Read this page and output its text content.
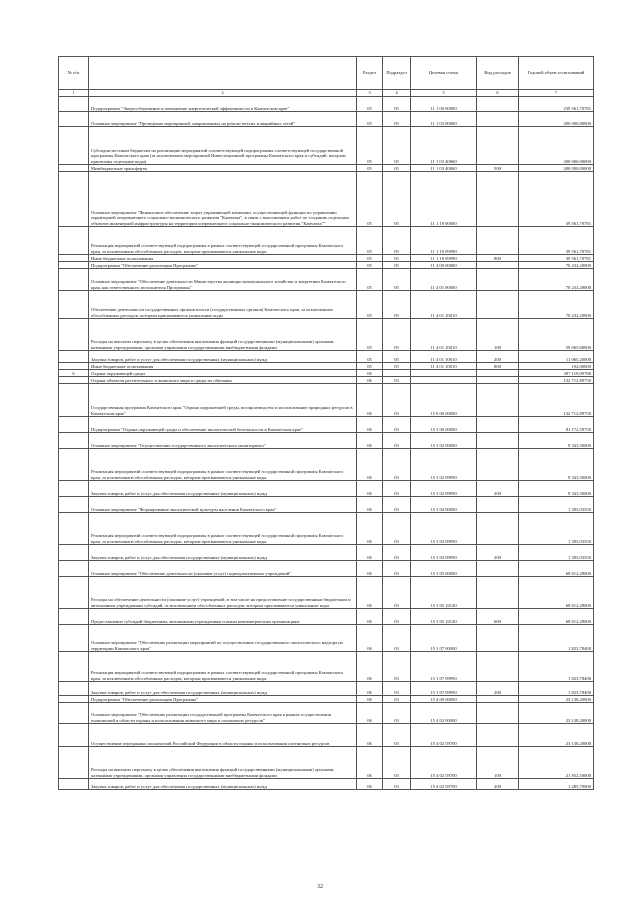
№ п/п		Раздел	Подраздел	Целевая статья	Вид расходов	Годовой объем ассигнований
1	2	3	4	5	6	7
	Подпрограмма "Энергосбережение и повышение энергетической эффективности в Камчатском крае"	05	05	11 1 00 00000		239 561,70781
	Основное мероприятие "Проведение мероприятий, направленных на ремонт ветхих и аварийных сетей"	05	05	11 1 03 00000		200 000,00000
	Субсидии местным бюджетам на реализацию мероприятий соответствующей подпрограммы соответствующей государственной программы Камчатского края (за исключением мероприятий Инвестиционной программы Камчатского края и субсидий, которым присвоены отдельные коды)	05	05	11 1 03 40060		200 000,00000
	Межбюджетные трансферты	05	05	11 1 03 40060	500	200 000,00000
	Основное мероприятие "Финансовое обеспечение затрат управляющей компании, осуществляющей функции по управлению территорией опережающего социально-экономического развития "Камчатка", в связи с выполнением работ по созданию отдельных объектов инженерной инфраструктуры на территории опережающего социально-экономического развития "Камчатка""	05	05	11 1 19 00000		39 561,70781
	Реализация мероприятий соответствующей подпрограммы в рамках соответствующей государственной программы Камчатского края, за исключением обособленных расходов, которым присваиваются уникальные коды	05	05	11 1 19 09990		39 561,70781
	Иные бюджетные ассигнования	05	05	11 1 19 09990	800	39 561,70781
	Подпрограмма "Обеспечение реализации Программы"	05	05	11 4 00 00000		70 232,20000
	Основное мероприятие "Обеспечение деятельности Министерства жилищно-коммунального хозяйства и энергетики Камчатского края, как ответственного исполнителя Программы"	05	05	11 4 01 00000		70 232,20000
	Обеспечение деятельности государственных органов власти (государственных органов) Камчатского края, за исключением обособленных расходов, которым присваиваются уникальные коды	05	05	11 4 01 10010		70 232,20000
	Расходы на выплаты персоналу в целях обеспечения выполнения функций государственными (муниципальными) органами, казенными учреждениями, органами управления государственными внебюджетными фондами	05	05	11 4 01 10010	100	59 065,60000
	Закупка товаров, работ и услуг для обеспечения государственных (муниципальных) нужд	05	05	11 4 01 10010	200	11 065,20000
	Иные бюджетные ассигнования	05	05	11 4 01 10010	800	102,00000
6	Охрана окружающей среды	06				397 119,09780
	Охрана объектов растительного и животного мира и среды их обитания	06	03			132 712,89750
	Государственная программа Камчатского края "Охрана окружающей среды, воспроизводство и использование природных ресурсов в Камчатском крае"	06	03	15 0 00 00000		132 712,89750
	Подпрограмма "Охрана окружающей среды и обеспечение экологической безопасности в Камчатском крае"	06	03	15 1 00 00000		81 172,59750
	Основное мероприятие "Осуществление государственного экологического мониторинга"	06	03	15 1 02 00000		9 343,50000
	Реализация мероприятий соответствующей подпрограммы в рамках соответствующей государственной программы Камчатского края, за исключением обособленных расходов, которым присваиваются уникальные коды	06	03	15 1 02 09990		9 343,50000
	Закупка товаров, работ и услуг для обеспечения государственных (муниципальных) нужд	06	03	15 1 02 09990	200	9 343,50000
	Основное мероприятие "Формирование экологической культуры населения Камчатского края"	06	03	15 1 04 00000		1 393,03550
	Реализация мероприятий соответствующей подпрограммы в рамках соответствующей государственной программы Камчатского края, за исключением обособленных расходов, которым присваиваются уникальные коды	06	03	15 1 04 09990		1 393,03550
	Закупка товаров, работ и услуг для обеспечения государственных (муниципальных) нужд	06	03	15 1 04 09990	200	1 393,03550
	Основное мероприятие "Обеспечение деятельности (оказание услуг) подведомственных учреждений"	06	03	15 1 05 00000		68 612,28000
	Расходы на обеспечение деятельности (оказание услуг) учреждений, в том числе на предоставление государственным бюджетным и автономным учреждениям субсидий, за исключением обособленных расходов, которым присваиваются уникальные коды	06	03	15 1 05 10140		68 612,28000
	Предоставление субсидий бюджетным, автономным учреждениям и иным некоммерческим организациям	06	03	15 1 05 10140	600	68 612,28000
	Основное мероприятие "Обеспечение реализации мероприятий по осуществлению государственного экологического надзора на территории Камчатского края"	06	03	15 1 07 00000		1 823,78400
	Реализация мероприятий соответствующей подпрограммы в рамках соответствующей государственной программы Камчатского края, за исключением обособленных расходов, которым присваиваются уникальные коды	06	03	15 1 07 09990		1 823,78400
	Закупка товаров, работ и услуг для обеспечения государственных (муниципальных) нужд	06	03	15 1 07 09990	200	1 823,78400
	Подпрограмма "Обеспечение реализации Программы"	06	03	15 4 00 00000		23 138,20000
	Основное мероприятие "Обеспечение реализации государственной программы Камчатского края в рамках осуществления полномочий в области охраны и использования животного мира и охотничьих ресурсов"	06	03	15 4 02 00000		23 138,20000
	Осуществление переданных полномочий Российской Федерации в области охраны и использования охотничьих ресурсов	06	03	15 4 02 59700		23 138,20000
	Расходы на выплаты персоналу в целях обеспечения выполнения функций государственными (муниципальными) органами, казенными учреждениями, органами управления государственными внебюджетными фондами	06	03	15 4 02 59700	100	21 852,50000
	Закупка товаров, работ и услуг для обеспечения государственных (муниципальных) нужд	06	03	15 4 02 59700	200	1 285,70000
32
